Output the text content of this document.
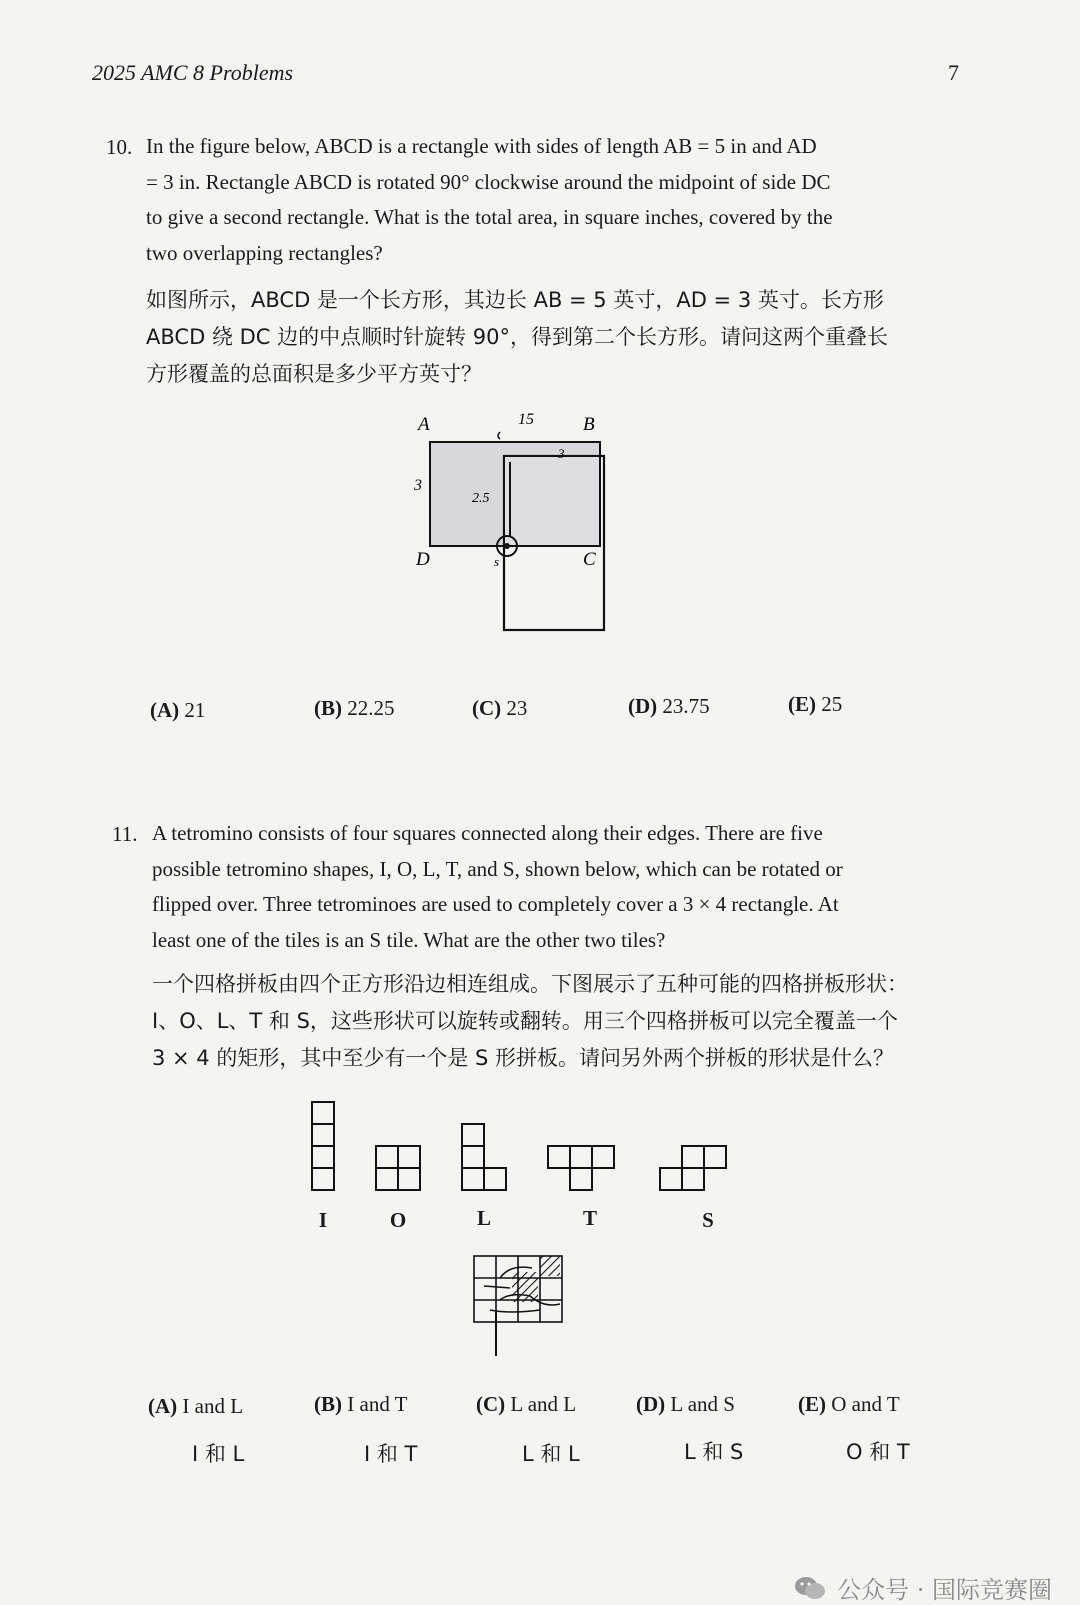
2025 AMC 8 Problems	7
10. In the figure below, ABCD is a rectangle with sides of length AB = 5 in and AD
= 3 in. Rectangle ABCD is rotated 90° clockwise around the midpoint of side DC
to give a second rectangle. What is the total area, in square inches, covered by the
two overlapping rectangles?
如图所示，ABCD 是一个长方形，其边长 AB = 5 英寸，AD = 3 英寸。长方形
ABCD 绕 DC 边的中点顺时针旋转 90°，得到第二个长方形。请问这两个重叠长
方形覆盖的总面积是多少平方英寸？
A	B
D	C
15
3
2.5
3
s
(A) 21	(B) 22.25	(C) 23	(D) 23.75	(E) 25
11. A tetromino consists of four squares connected along their edges. There are five
possible tetromino shapes, I, O, L, T, and S, shown below, which can be rotated or
flipped over. Three tetrominoes are used to completely cover a 3 × 4 rectangle. At
least one of the tiles is an S tile. What are the other two tiles?
一个四格拼板由四个正方形沿边相连组成。下图展示了五种可能的四格拼板形状：
I、O、L、T 和 S，这些形状可以旋转或翻转。用三个四格拼板可以完全覆盖一个
3 × 4 的矩形，其中至少有一个是 S 形拼板。请问另外两个拼板的形状是什么？
I	O	L	T	S
(A) I and L	(B) I and T	(C) L and L	(D) L and S	(E) O and T
I 和 L	I 和 T	L 和 L	L 和 S	O 和 T
公众号 · 国际竞赛圈
